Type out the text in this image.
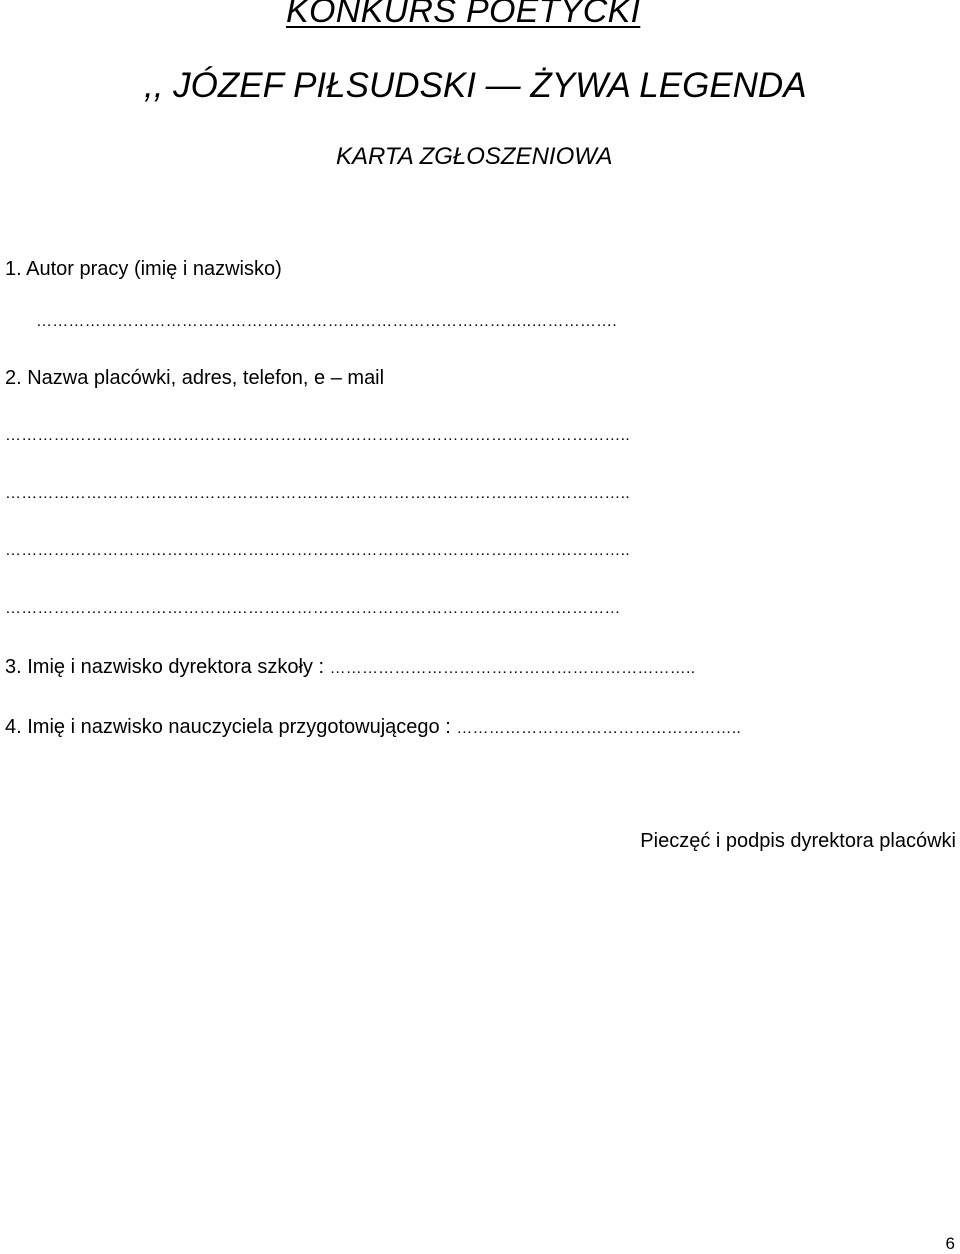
KONKURS POETYCKI
,, JÓZEF PIŁSUDSKI — ŻYWA LEGENDA
KARTA ZGŁOSZENIOWA
1. Autor pracy (imię i nazwisko)
………………………………………………………………………………..…………….
2. Nazwa placówki, adres, telefon, e – mail
……………………………………………………………………………………………………..
……………………………………………………………………………………………………..
……………………………………………………………………………………………………..
……………………………………………………………………………………………………
3. Imię i nazwisko dyrektora szkoły : …………………………………………………………..
4. Imię i nazwisko nauczyciela przygotowującego : ……………………………………………..
Pieczęć i podpis dyrektora placówki
6
